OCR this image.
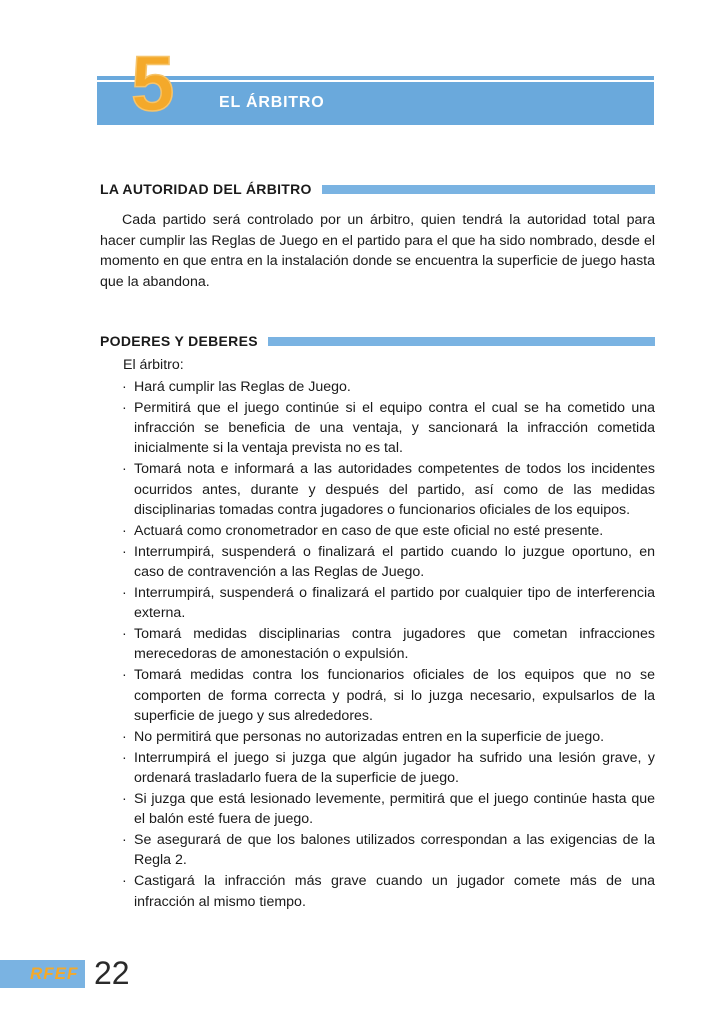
5	EL ÁRBITRO
LA AUTORIDAD DEL ÁRBITRO

Cada partido será controlado por un árbitro, quien tendrá la autoridad total para hacer cumplir las Reglas de Juego en el partido para el que ha sido nombrado, desde el momento en que entra en la instalación donde se encuentra la superficie de juego hasta que la abandona.

PODERES Y DEBERES
El árbitro:
· Hará cumplir las Reglas de Juego.
· Permitirá que el juego continúe si el equipo contra el cual se ha cometido una infracción se beneficia de una ventaja, y sancionará la infracción cometida inicialmente si la ventaja prevista no es tal.
· Tomará nota e informará a las autoridades competentes de todos los incidentes ocurridos antes, durante y después del partido, así como de las medidas disciplinarias tomadas contra jugadores o funcionarios oficiales de los equipos.
· Actuará como cronometrador en caso de que este oficial no esté presente.
· Interrumpirá, suspenderá o finalizará el partido cuando lo juzgue oportuno, en caso de contravención a las Reglas de Juego.
· Interrumpirá, suspenderá o finalizará el partido por cualquier tipo de interferencia externa.
· Tomará medidas disciplinarias contra jugadores que cometan infracciones merecedoras de amonestación o expulsión.
· Tomará medidas contra los funcionarios oficiales de los equipos que no se comporten de forma correcta y podrá, si lo juzga necesario, expulsarlos de la superficie de juego y sus alrededores.
· No permitirá que personas no autorizadas entren en la superficie de juego.
· Interrumpirá el juego si juzga que algún jugador ha sufrido una lesión grave, y ordenará trasladarlo fuera de la superficie de juego.
· Si juzga que está lesionado levemente, permitirá que el juego continúe hasta que el balón esté fuera de juego.
· Se asegurará de que los balones utilizados correspondan a las exigencias de la Regla 2.
· Castigará la infracción más grave cuando un jugador comete más de una infracción al mismo tiempo.
RFEF 22
